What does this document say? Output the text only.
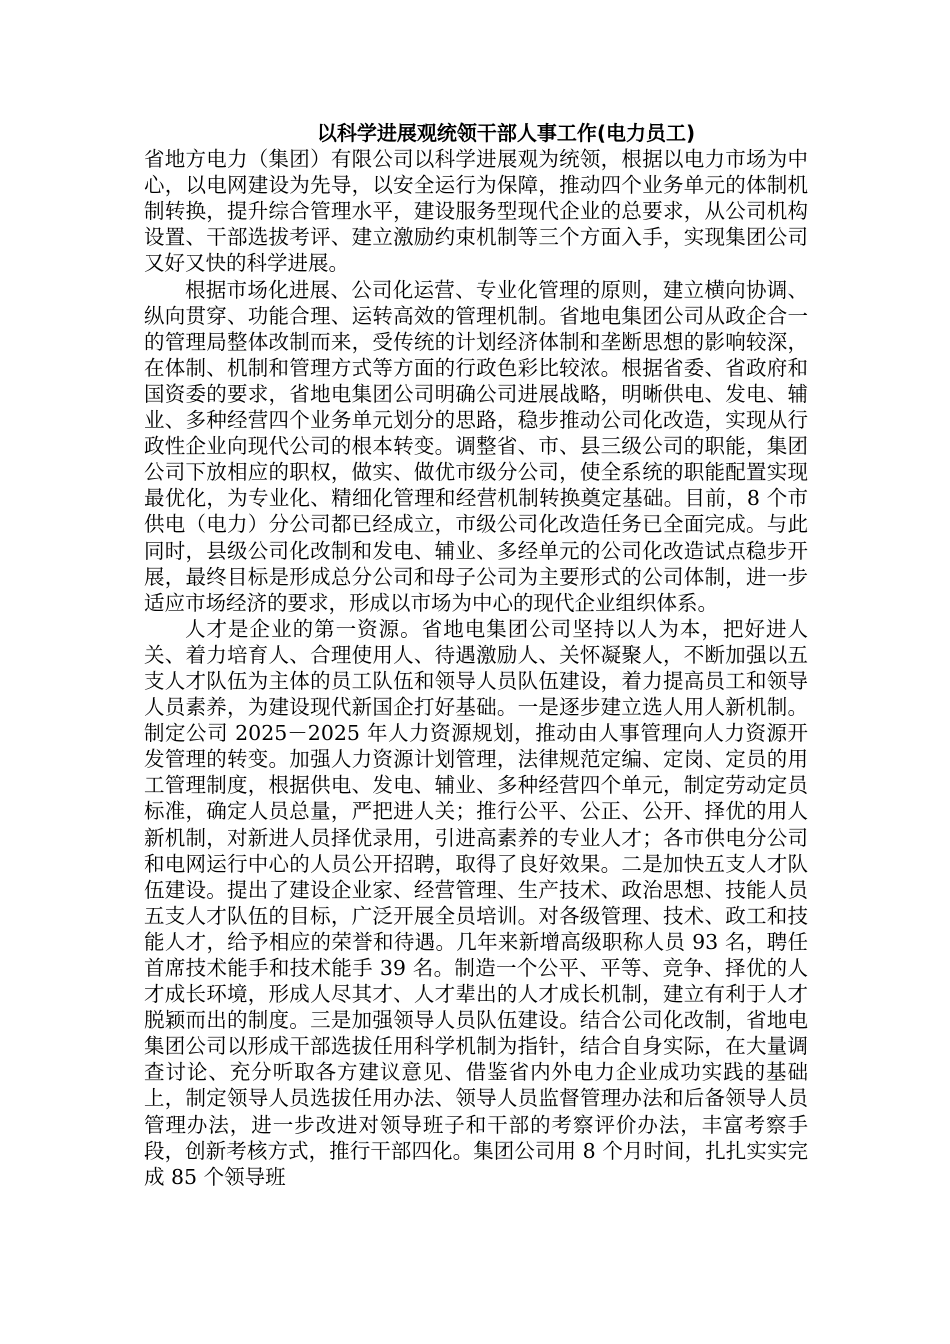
以科学进展观统领干部人事工作(电力员工)

省地方电力（集团）有限公司以科学进展观为统领，根据以电力市场为中心，以电网建设为先导，以安全运行为保障，推动四个业务单元的体制机制转换，提升综合管理水平，建设服务型现代企业的总要求，从公司机构设置、干部选拔考评、建立激励约束机制等三个方面入手，实现集团公司又好又快的科学进展。

根据市场化进展、公司化运营、专业化管理的原则，建立横向协调、纵向贯穿、功能合理、运转高效的管理机制。省地电集团公司从政企合一的管理局整体改制而来，受传统的计划经济体制和垄断思想的影响较深，在体制、机制和管理方式等方面的行政色彩比较浓。根据省委、省政府和国资委的要求，省地电集团公司明确公司进展战略，明晰供电、发电、辅业、多种经营四个业务单元划分的思路，稳步推动公司化改造，实现从行政性企业向现代公司的根本转变。调整省、市、县三级公司的职能，集团公司下放相应的职权，做实、做优市级分公司，使全系统的职能配置实现最优化，为专业化、精细化管理和经营机制转换奠定基础。目前，8 个市供电（电力）分公司都已经成立，市级公司化改造任务已全面完成。与此同时，县级公司化改制和发电、辅业、多经单元的公司化改造试点稳步开展，最终目标是形成总分公司和母子公司为主要形式的公司体制，进一步适应市场经济的要求，形成以市场为中心的现代企业组织体系。

人才是企业的第一资源。省地电集团公司坚持以人为本，把好进人关、着力培育人、合理使用人、待遇激励人、关怀凝聚人，不断加强以五支人才队伍为主体的员工队伍和领导人员队伍建设，着力提高员工和领导人员素养，为建设现代新国企打好基础。一是逐步建立选人用人新机制。制定公司 2025－2025 年人力资源规划，推动由人事管理向人力资源开发管理的转变。加强人力资源计划管理，法律规范定编、定岗、定员的用工管理制度，根据供电、发电、辅业、多种经营四个单元，制定劳动定员标准，确定人员总量，严把进人关；推行公平、公正、公开、择优的用人新机制，对新进人员择优录用，引进高素养的专业人才；各市供电分公司和电网运行中心的人员公开招聘，取得了良好效果。二是加快五支人才队伍建设。提出了建设企业家、经营管理、生产技术、政治思想、技能人员五支人才队伍的目标，广泛开展全员培训。对各级管理、技术、政工和技能人才，给予相应的荣誉和待遇。几年来新增高级职称人员 93 名，聘任首席技术能手和技术能手 39 名。制造一个公平、平等、竞争、择优的人才成长环境，形成人尽其才、人才辈出的人才成长机制，建立有利于人才脱颖而出的制度。三是加强领导人员队伍建设。结合公司化改制，省地电集团公司以形成干部选拔任用科学机制为指针，结合自身实际，在大量调查讨论、充分听取各方建议意见、借鉴省内外电力企业成功实践的基础上，制定领导人员选拔任用办法、领导人员监督管理办法和后备领导人员管理办法，进一步改进对领导班子和干部的考察评价办法，丰富考察手段，创新考核方式，推行干部四化。集团公司用 8 个月时间，扎扎实实完成 85 个领导班
